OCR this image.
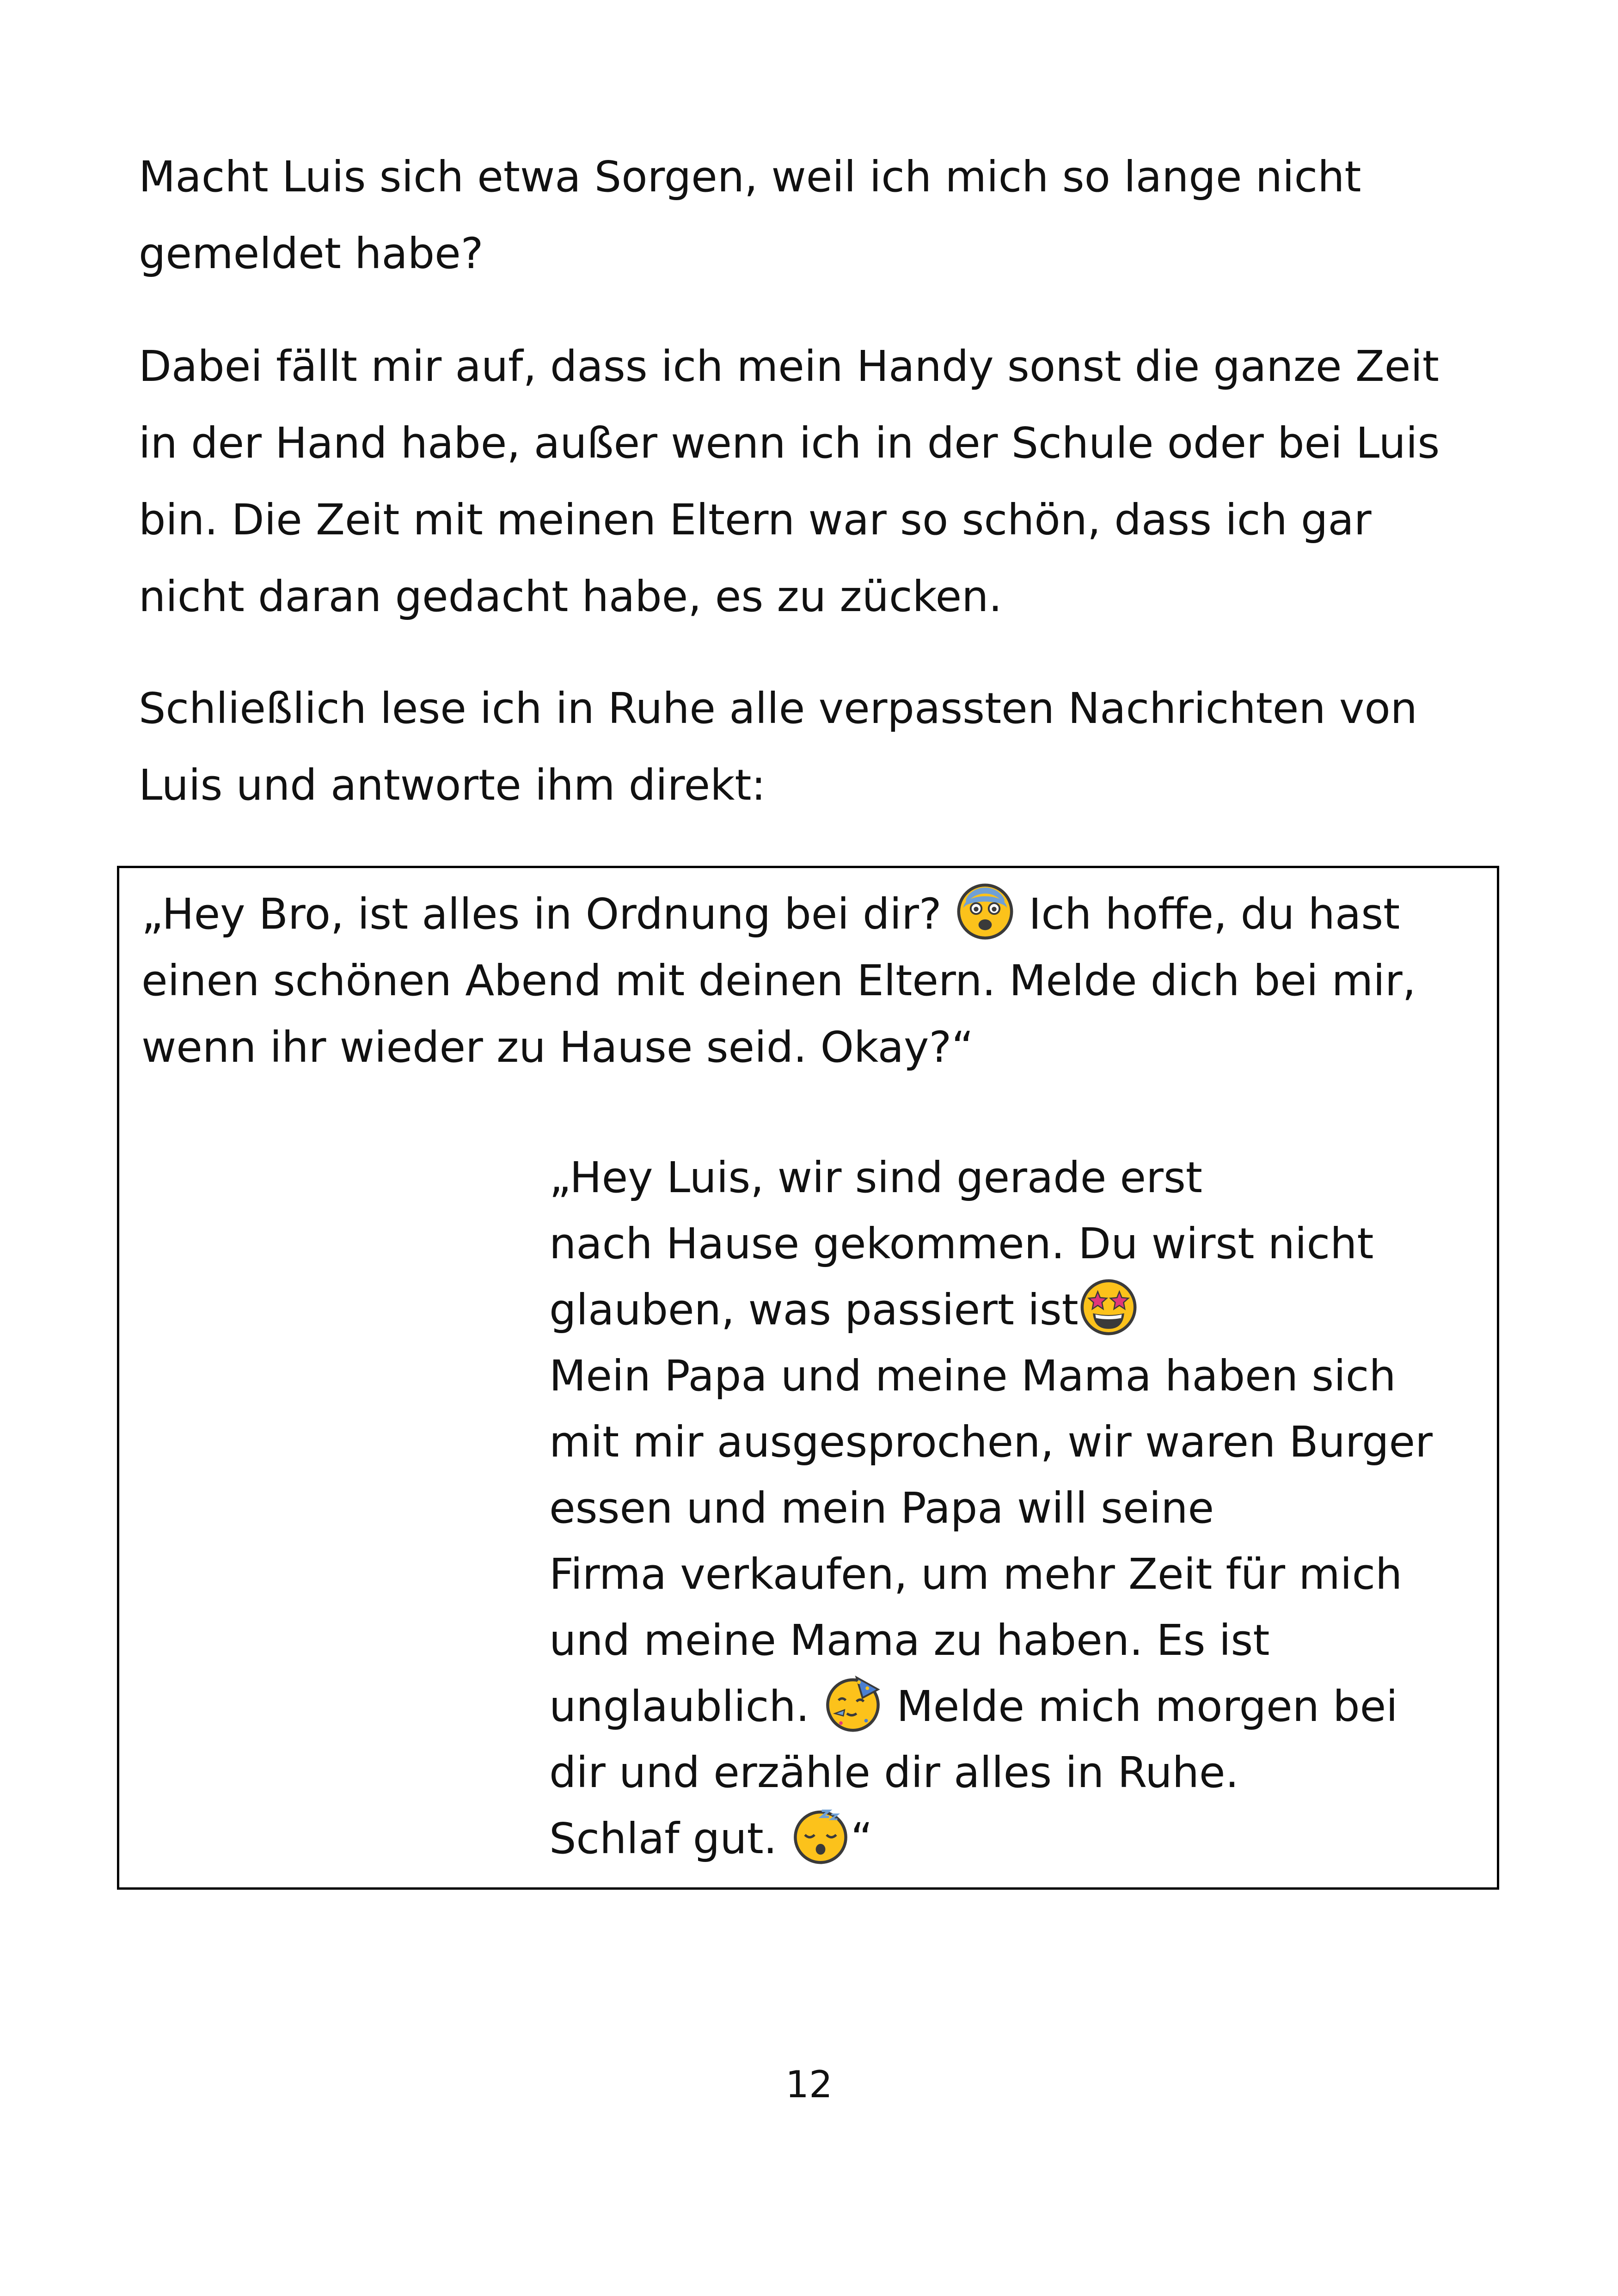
Macht Luis sich etwa Sorgen, weil ich mich so lange nicht
gemeldet habe?

Dabei fällt mir auf, dass ich mein Handy sonst die ganze Zeit
in der Hand habe, außer wenn ich in der Schule oder bei Luis
bin. Die Zeit mit meinen Eltern war so schön, dass ich gar
nicht daran gedacht habe, es zu zücken.

Schließlich lese ich in Ruhe alle verpassten Nachrichten von
Luis und antworte ihm direkt:

„Hey Bro, ist alles in Ordnung bei dir?
Ich hoffe, du hast
einen schönen Abend mit deinen Eltern. Melde dich bei mir,
wenn ihr wieder zu Hause seid. Okay?“
„Hey Luis, wir sind gerade erst
nach Hause gekommen. Du wirst nicht
glauben, was passiert ist
Mein Papa und meine Mama haben sich
mit mir ausgesprochen, wir waren Burger
essen und mein Papa will seine
Firma verkaufen, um mehr Zeit für mich
und meine Mama zu haben. Es ist
unglaublich.
Melde mich morgen bei
dir und erzähle dir alles in Ruhe.
Schlaf gut.
“

12
